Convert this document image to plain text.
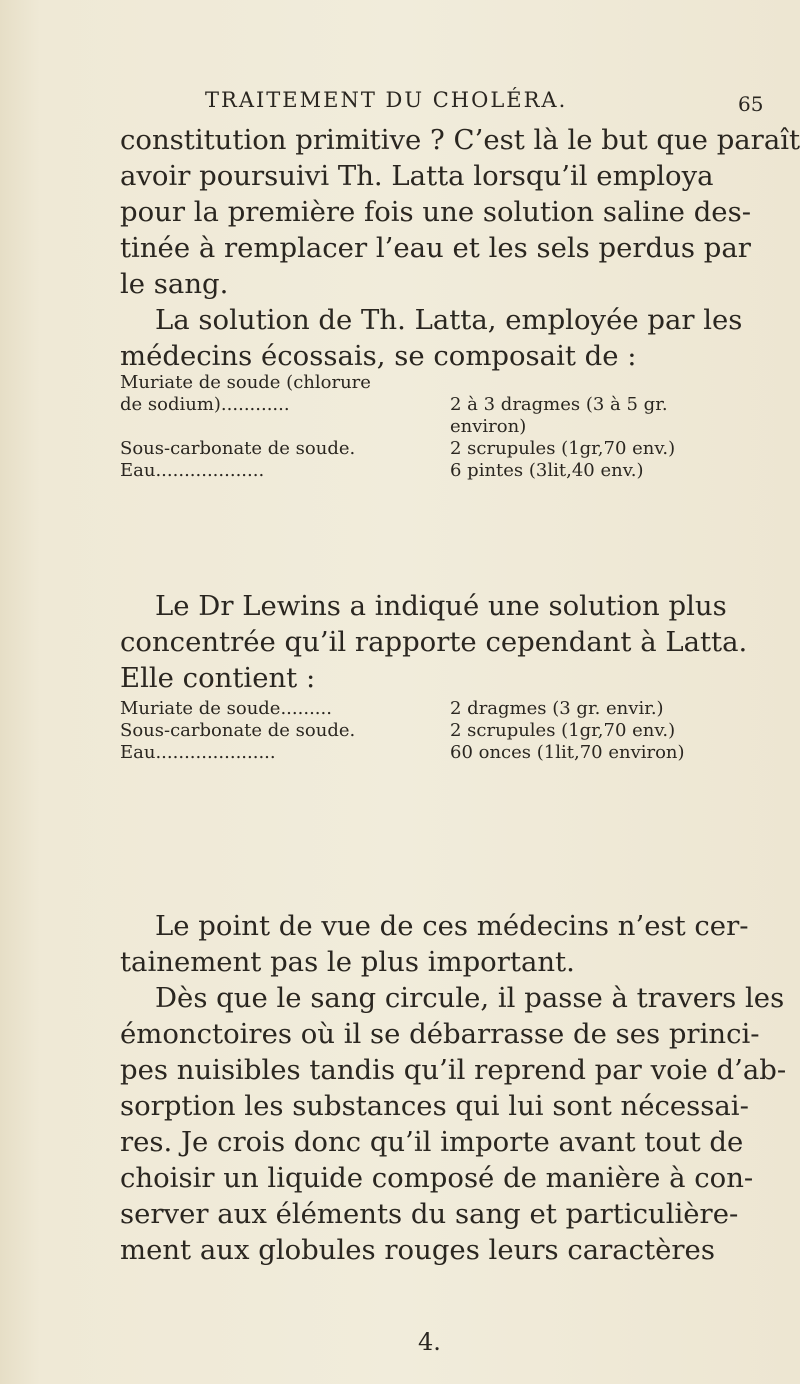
TRAITEMENT DU CHOLÉRA.	65
constitution primitive ? C’est là le but que paraît
avoir poursuivi Th. Latta lorsqu’il employa
pour la première fois une solution saline des-
tinée à remplacer l’eau et les sels perdus par
le sang.
La solution de Th. Latta, employée par les
médecins écossais, se composait de :
Muriate de soude (chlorure
de sodium)............	2 à 3 dragmes (3 à 5 gr.
environ)
Sous-carbonate de soude.	2 scrupules (1gr,70 env.)
Eau...................	6 pintes (3lit,40 env.)
Le Dr Lewins a indiqué une solution plus
concentrée qu’il rapporte cependant à Latta.
Elle contient :
Muriate de soude.........	2 dragmes (3 gr. envir.)
Sous-carbonate de soude.	2 scrupules (1gr,70 env.)
Eau.....................	60 onces (1lit,70 environ)
Le point de vue de ces médecins n’est cer-
tainement pas le plus important.
Dès que le sang circule, il passe à travers les
émonctoires où il se débarrasse de ses princi-
pes nuisibles tandis qu’il reprend par voie d’ab-
sorption les substances qui lui sont nécessai-
res. Je crois donc qu’il importe avant tout de
choisir un liquide composé de manière à con-
server aux éléments du sang et particulière-
ment aux globules rouges leurs caractères
4.
